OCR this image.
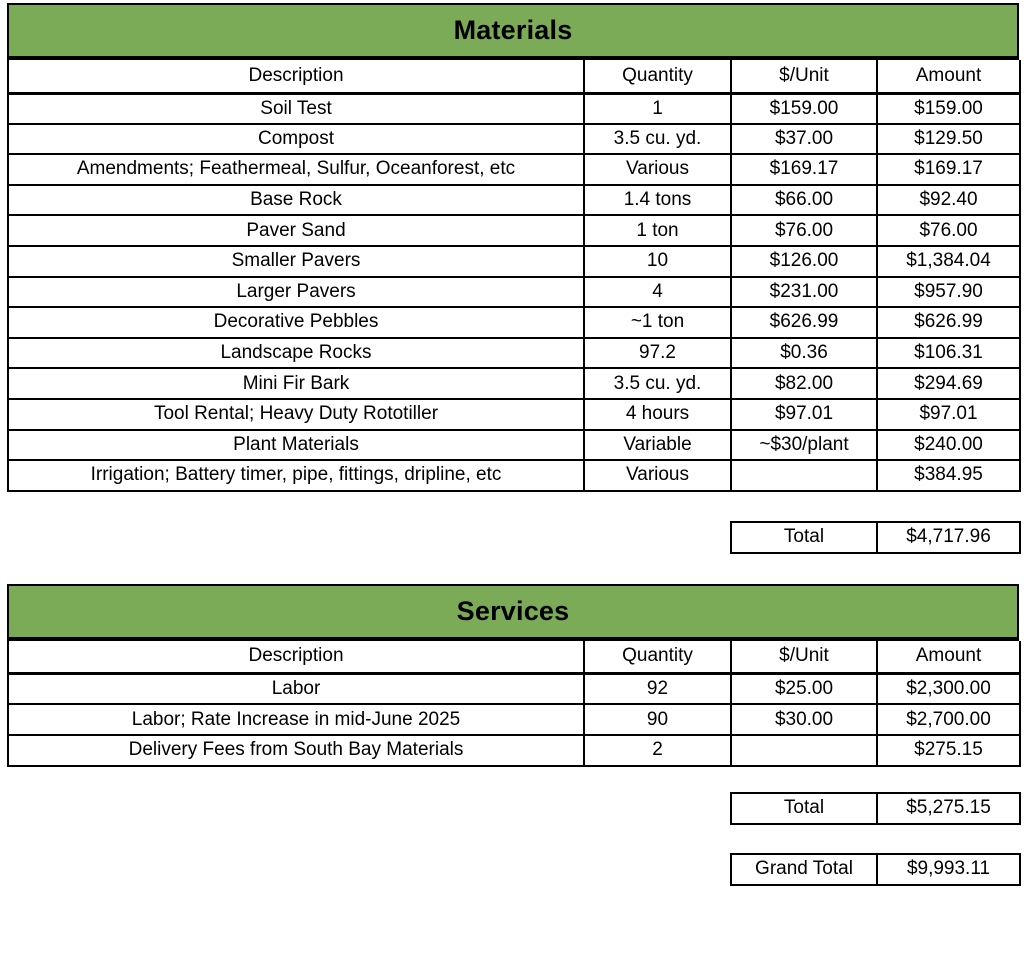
Materials
Description	Quantity	$/Unit	Amount
Soil Test	1	$159.00	$159.00
Compost	3.5 cu. yd.	$37.00	$129.50
Amendments; Feathermeal, Sulfur, Oceanforest, etc	Various	$169.17	$169.17
Base Rock	1.4 tons	$66.00	$92.40
Paver Sand	1 ton	$76.00	$76.00
Smaller Pavers	10	$126.00	$1,384.04
Larger Pavers	4	$231.00	$957.90
Decorative Pebbles	~1 ton	$626.99	$626.99
Landscape Rocks	97.2	$0.36	$106.31
Mini Fir Bark	3.5 cu. yd.	$82.00	$294.69
Tool Rental; Heavy Duty Rototiller	4 hours	$97.01	$97.01
Plant Materials	Variable	~$30/plant	$240.00
Irrigation; Battery timer, pipe, fittings, dripline, etc	Various		$384.95
Total	$4,717.96
Services
Description	Quantity	$/Unit	Amount
Labor	92	$25.00	$2,300.00
Labor; Rate Increase in mid-June 2025	90	$30.00	$2,700.00
Delivery Fees from South Bay Materials	2		$275.15
Total	$5,275.15
Grand Total	$9,993.11
